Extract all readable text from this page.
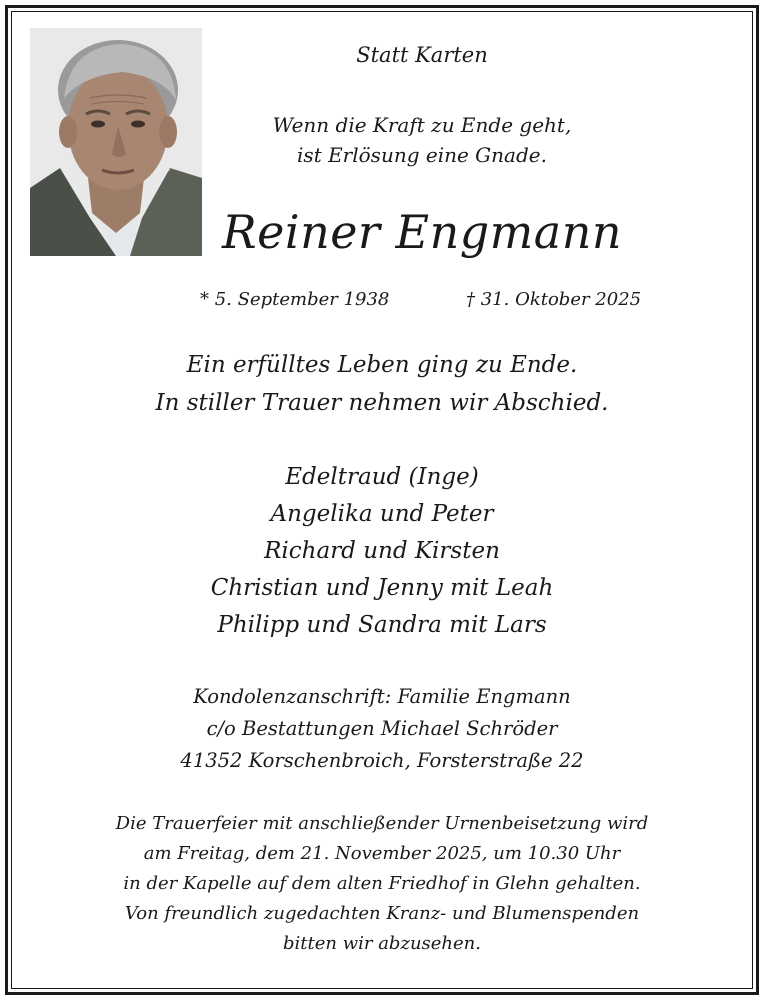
Statt Karten
Wenn die Kraft zu Ende geht,
ist Erlösung eine Gnade.
Reiner Engmann
* 5. September 1938	† 31. Oktober 2025
Ein erfülltes Leben ging zu Ende.
In stiller Trauer nehmen wir Abschied.
Edeltraud (Inge)
Angelika und Peter
Richard und Kirsten
Christian und Jenny mit Leah
Philipp und Sandra mit Lars
Kondolenzanschrift: Familie Engmann
c/o Bestattungen Michael Schröder
41352 Korschenbroich, Forsterstraße 22
Die Trauerfeier mit anschließender Urnenbeisetzung wird
am Freitag, dem 21. November 2025, um 10.30 Uhr
in der Kapelle auf dem alten Friedhof in Glehn gehalten.
Von freundlich zugedachten Kranz- und Blumenspenden
bitten wir abzusehen.
